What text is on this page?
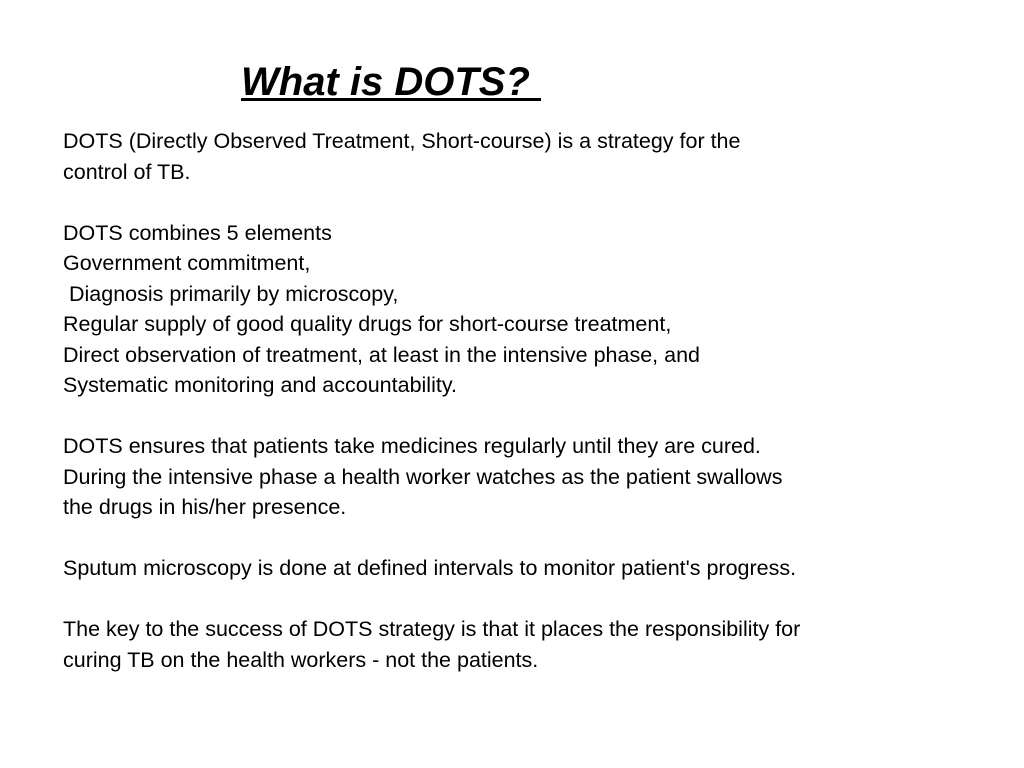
What is DOTS?
DOTS (Directly Observed Treatment, Short-course) is a strategy for the
control of TB.
DOTS combines 5 elements
Government commitment,
Diagnosis primarily by microscopy,
Regular supply of good quality drugs for short-course treatment,
Direct observation of treatment, at least in the intensive phase, and
Systematic monitoring and accountability.
DOTS ensures that patients take medicines regularly until they are cured.
During the intensive phase a health worker watches as the patient swallows
the drugs in his/her presence.
Sputum microscopy is done at defined intervals to monitor patient's progress.
The key to the success of DOTS strategy is that it places the responsibility for
curing TB on the health workers - not the patients.
